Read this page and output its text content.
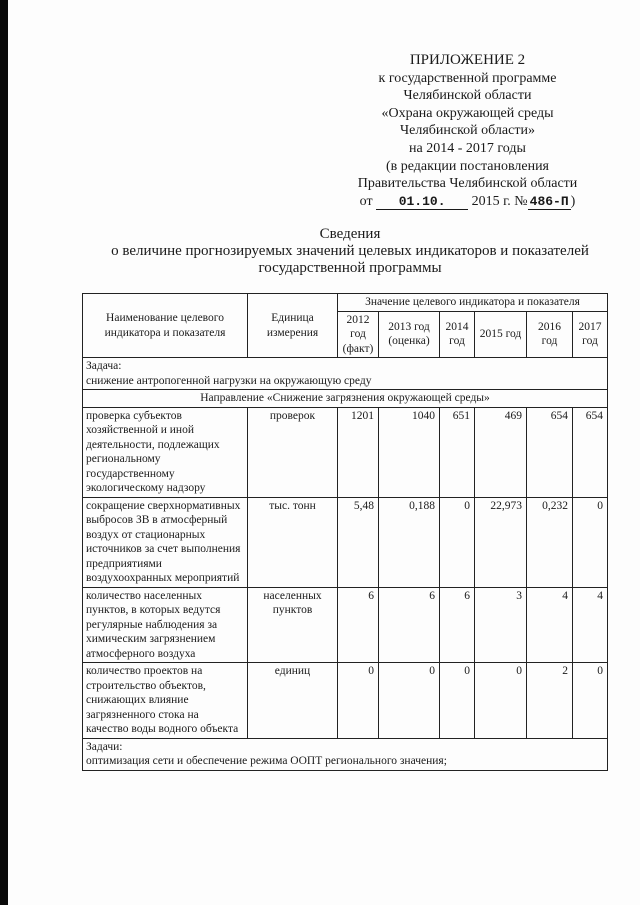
ПРИЛОЖЕНИЕ 2
к государственной программе
Челябинской области
«Охрана окружающей среды
Челябинской области»
на 2014 - 2017 годы
(в редакции постановления
Правительства Челябинской области
от 01.10. 2015 г. № 486-П )
Сведения
о величине прогнозируемых значений целевых индикаторов и показателей
государственной программы
Наименование целевого индикатора и показателя	Единица измерения	Значение целевого индикатора и показателя					
		2012 год (факт)	2013 год (оценка)	2014 год	2015 год	2016 год	2017 год

Задача:
снижение антропогенной нагрузки на окружающую среду							

Направление «Снижение загрязнения окружающей среды»							
проверка субъектов хозяйственной и иной деятельности, подлежащих региональному государственному экологическому надзору	проверок	1201	1040	651	469	654	654
сокращение сверхнормативных выбросов ЗВ в атмосферный воздух от стационарных источников за счет выполнения предприятиями воздухоохранных мероприятий	тыс. тонн	5,48	0,188	0	22,973	0,232	0
количество населенных пунктов, в которых ведутся регулярные наблюдения за химическим загрязнением атмосферного воздуха	населенных пунктов	6	6	6	3	4	4
количество проектов на строительство объектов, снижающих влияние загрязненного стока на качество воды водного объекта	единиц	0	0	0	0	2	0

Задачи:
оптимизация сети и обеспечение режима ООПТ регионального значения;							
